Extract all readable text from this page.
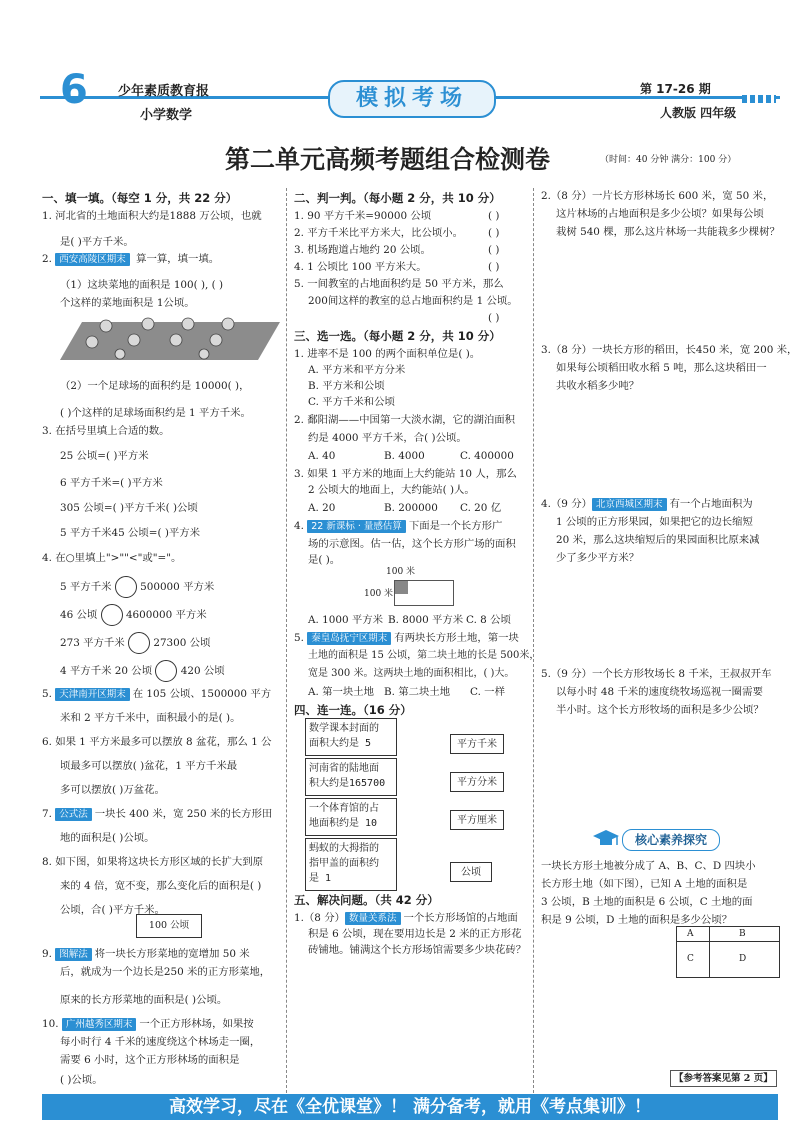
6 少年素质教育报
小学数学
模拟考场	第 17-26 期
人教版 四年级
第二单元高频考题组合检测卷	（时间：40 分钟 满分：100 分）
一、填一填。（每空 1 分，共 22 分）
1. 河北省的土地面积大约是1888 万公顷，也就
是( )平方千米。
2. 西安高陵区期末 算一算，填一填。
（1）这块菜地的面积是 100( ), ( )
个这样的菜地面积是 1公顷。
（2）一个足球场的面积约是 10000( )，
( )个这样的足球场面积约是 1 平方千米。
3. 在括号里填上合适的数。
25 公顷=( )平方米
6 平方千米=( )平方米
305 公顷=( )平方千米( )公顷
5 平方千米45 公顷=( )平方米
4. 在○里填上">""<"或"="。
5 平方千米	500000 平方米
46 公顷	4600000 平方米
273 平方千米	27300 公顷
4 平方千米 20 公顷	420 公顷
5. 天津南开区期末 在 105 公顷、1500000 平方
米和 2 平方千米中，面积最小的是( )。
6. 如果 1 平方米最多可以摆放 8 盆花，那么 1 公
顷最多可以摆放( )盆花，1 平方千米最
多可以摆放( )万盆花。
7. 公式法 一块长 400 米，宽 250 米的长方形田
地的面积是( )公顷。
8. 如下图，如果将这块长方形区域的长扩大到原
来的 4 倍，宽不变，那么变化后的面积是( )
公顷，合( )平方千米。
100 公顷
9. 图解法 将一块长方形菜地的宽增加 50 米
后，就成为一个边长是250 米的正方形菜地，
原来的长方形菜地的面积是( )公顷。
10. 广州越秀区期末 一个正方形林场，如果按
每小时行 4 千米的速度绕这个林场走一圈，
需要 6 小时，这个正方形林场的面积是
( )公顷。
二、判一判。（每小题 2 分，共 10 分）
1. 90 平方千米=90000 公顷	( )
2. 平方千米比平方米大，比公顷小。 ( )
3. 机场跑道占地约 20 公顷。	( )
4. 1 公顷比 100 平方米大。	( )
5. 一间教室的占地面积约是 50 平方米，那么
200间这样的教室的总占地面积约是 1 公顷。
( )
三、选一选。（每小题 2 分，共 10 分）
1. 进率不是 100 的两个面积单位是( )。
A. 平方米和平方分米
B. 平方米和公顷
C. 平方千米和公顷
2. 鄱阳湖——中国第一大淡水湖，它的湖泊面积
约是 4000 平方千米，合( )公顷。
A. 40	B. 4000	C. 400000
3. 如果 1 平方米的地面上大约能站 10 人，那么
2 公顷大的地面上，大约能站( )人。
A. 20	B. 200000 C. 20 亿
4. 22 新课标 · 量感估算 下面是一个长方形广
场的示意图。估一估，这个长方形广场的面积
是( )。
100 米
100 米
A. 1000 平方米 B. 8000 平方米 C. 8 公顷
5. 秦皇岛抚宁区期末 有两块长方形土地，第一块
土地的面积是 15 公顷，第二块土地的长是 500米，
宽是 300 米。这两块土地的面积相比，( )大。
A. 第一块土地 B. 第二块土地 C. 一样
四、连一连。（16 分）
数学课本封面的
面积大约是 5
河南省的陆地面
积大约是165700
一个体育馆的占
地面积约是 10
蚂蚁的大拇指的
指甲盖的面积约
是 1
平方千米
平方分米
平方厘米
公顷
五、解决问题。（共 42 分）
1.（8 分） 数量关系法 一个长方形场馆的占地面
积是 6 公顷，现在要用边长是 2 米的正方形花
砖铺地。铺满这个长方形场馆需要多少块花砖？
2.（8 分）一片长方形林场长 600 米，宽 50 米，
这片林场的占地面积是多少公顷？如果每公顷
栽树 540 棵，那么这片林场一共能栽多少棵树？
3.（8 分）一块长方形的稻田，长450 米，宽 200 米，
如果每公顷稻田收水稻 5 吨，那么这块稻田一
共收水稻多少吨？
4.（9 分） 北京西城区期末 有一个占地面积为
1 公顷的正方形果园，如果把它的边长缩短
20 米，那么这块缩短后的果园面积比原来减
少了多少平方米？
5.（9 分）一个长方形牧场长 8 千米，王叔叔开车
以每小时 48 千米的速度绕牧场巡视一圈需要
半小时。这个长方形牧场的面积是多少公顷？
核心素养探究
一块长方形土地被分成了 A、B、C、D 四块小
长方形土地（如下图），已知 A 土地的面积是
3 公顷，B 土地的面积是 6 公顷，C 土地的面
积是 9 公顷，D 土地的面积是多少公顷？
A	B
C	D
【参考答案见第 2 页】
高效学习，尽在《全优课堂》！ 满分备考，就用《考点集训》！
